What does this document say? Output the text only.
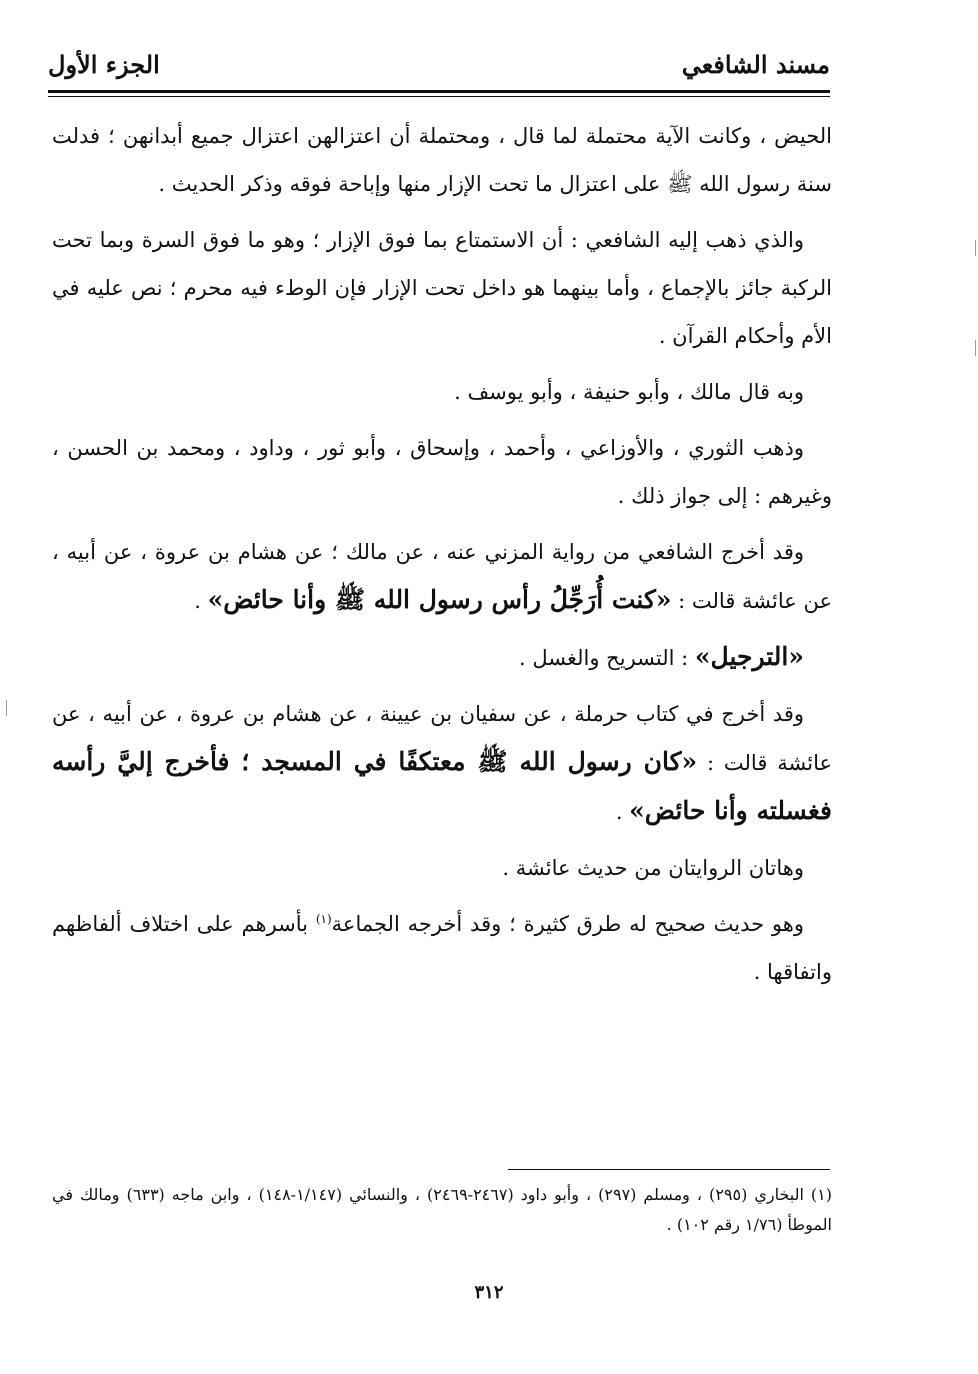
مسند الشافعي
الجزء الأول

الحيض ، وكانت الآية محتملة لما قال ، ومحتملة أن اعتزالهن اعتزال جميع أبدانهن ؛ فدلت سنة رسول الله ﷺ على اعتزال ما تحت الإزار منها وإباحة فوقه وذكر الحديث .

والذي ذهب إليه الشافعي : أن الاستمتاع بما فوق الإزار ؛ وهو ما فوق السرة وبما تحت الركبة جائز بالإجماع ، وأما بينهما هو داخل تحت الإزار فإن الوطء فيه محرم ؛ نص عليه في الأم وأحكام القرآن .

وبه قال مالك ، وأبو حنيفة ، وأبو يوسف .

وذهب الثوري ، والأوزاعي ، وأحمد ، وإسحاق ، وأبو ثور ، وداود ، ومحمد بن الحسن ، وغيرهم : إلى جواز ذلك .

وقد أخرج الشافعي من رواية المزني عنه ، عن مالك ؛ عن هشام بن عروة ، عن أبيه ، عن عائشة قالت : «كنت أُرَجِّلُ رأس رسول الله ﷺ وأنا حائض» .

«الترجيل» : التسريح والغسل .

وقد أخرج في كتاب حرملة ، عن سفيان بن عيينة ، عن هشام بن عروة ، عن أبيه ، عن عائشة قالت : «كان رسول الله ﷺ معتكفًا في المسجد ؛ فأخرج إليَّ رأسه فغسلته وأنا حائض» .

وهاتان الروايتان من حديث عائشة .

وهو حديث صحيح له طرق كثيرة ؛ وقد أخرجه الجماعة$^{(١)}$ بأسرهم على اختلاف ألفاظهم واتفاقها .

(١) البخاري (٢٩٥) ، ومسلم (٢٩٧) ، وأبو داود (٢٤٦٧-٢٤٦٩) ، والنسائي (١/١٤٧-١٤٨) ، وابن ماجه (٦٣٣) ومالك في الموطأ (١/٧٦ رقم ١٠٢) .
٣١٢
